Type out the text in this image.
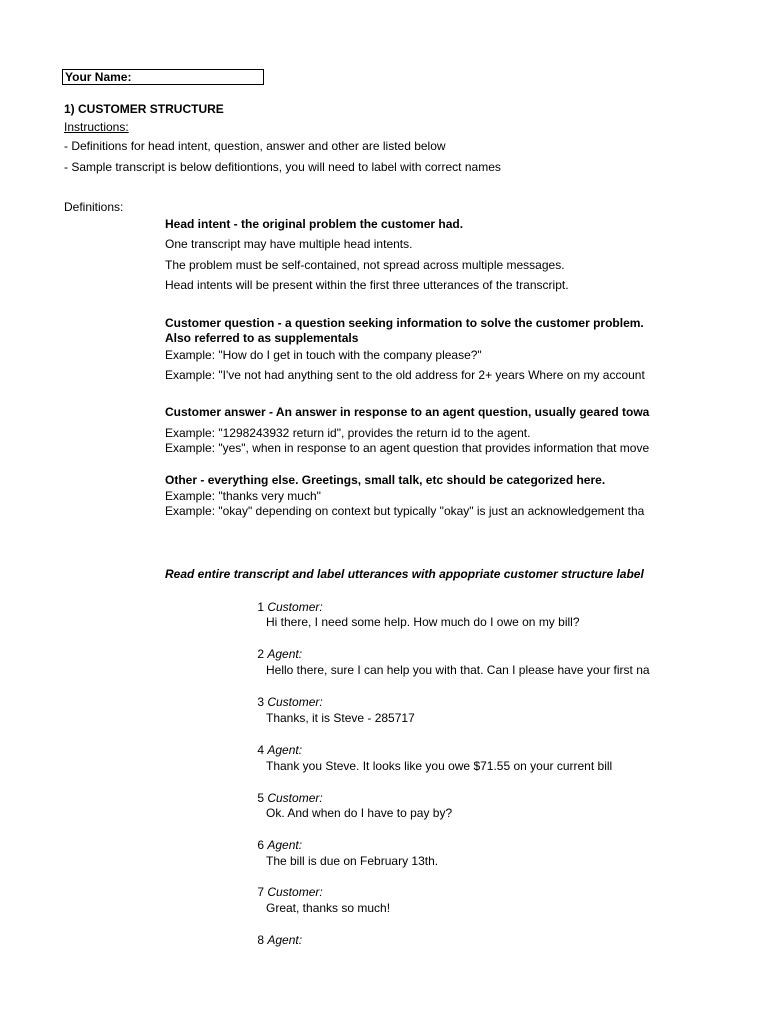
Your Name:
1) CUSTOMER STRUCTURE
Instructions:
- Definitions for head intent, question, answer and other are listed below
- Sample transcript is below defitiontions, you will need to label with correct names
Definitions:
Head intent - the original problem the customer had.
One transcript may have multiple head intents.
The problem must be self-contained, not spread across multiple messages.
Head intents will be present within the first three utterances of the transcript.
Customer question - a question seeking information to solve the customer problem.
Also referred to as supplementals
Example: "How do I get in touch with the company please?"
Example: "I've not had anything sent to the old address for 2+ years Where on my account
Customer answer - An answer in response to an agent question, usually geared towa
Example: "1298243932 return id", provides the return id to the agent.
Example: "yes", when in response to an agent question that provides information that move
Other - everything else. Greetings, small talk, etc should be categorized here.
Example: "thanks very much"
Example: "okay" depending on context but typically "okay" is just an acknowledgement tha
Read entire transcript and label utterances with appopriate customer structure label
1 Customer:
Hi there, I need some help. How much do I owe on my bill?
2 Agent:
Hello there, sure I can help you with that. Can I please have your first na
3 Customer:
Thanks, it is Steve - 285717
4 Agent:
Thank you Steve. It looks like you owe $71.55 on your current bill
5 Customer:
Ok. And when do I have to pay by?
6 Agent:
The bill is due on February 13th.
7 Customer:
Great, thanks so much!
8 Agent:
